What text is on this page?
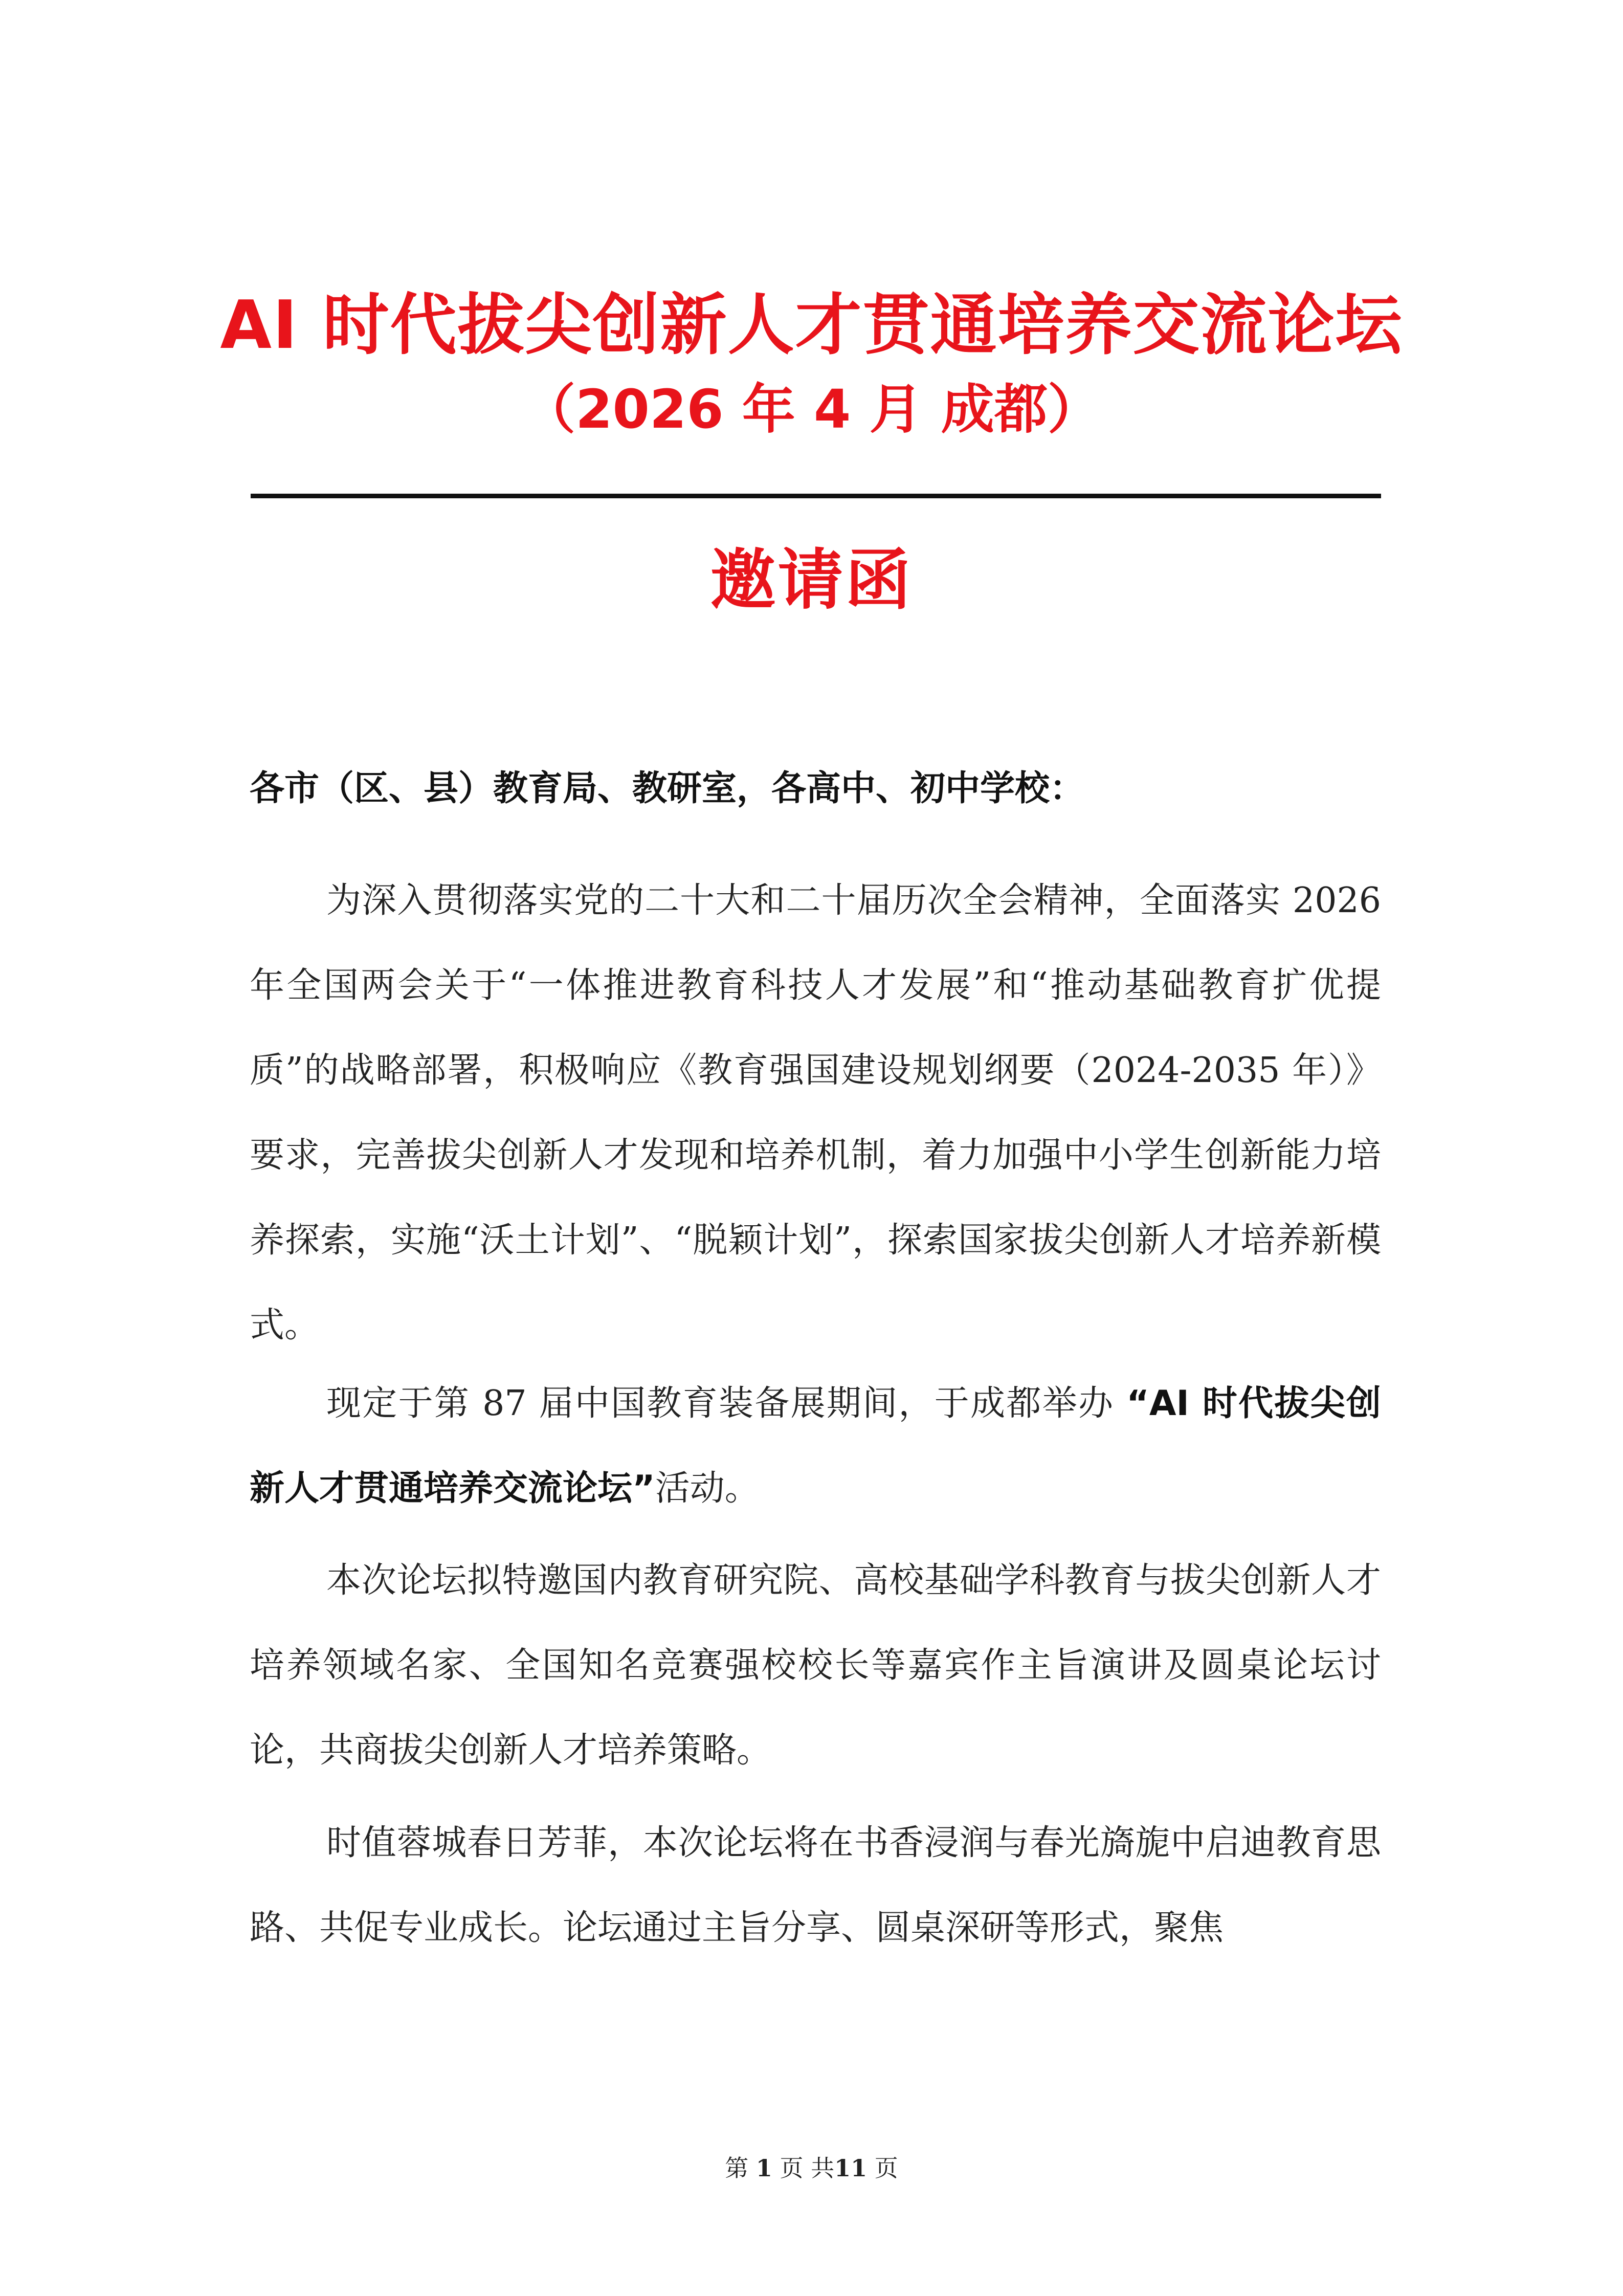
AI 时代拔尖创新人才贯通培养交流论坛
（2026 年 4 月 成都）
邀请函

各市（区、县）教育局、教研室，各高中、初中学校：

为深入贯彻落实党的二十大和二十届历次全会精神，全面落实 2026 年全国两会关于“一体推进教育科技人才发展”和“推动基础教育扩优提质”的战略部署，积极响应《教育强国建设规划纲要（2024-2035 年）》要求，完善拔尖创新人才发现和培养机制，着力加强中小学生创新能力培养探索，实施“沃土计划”、“脱颖计划”，探索国家拔尖创新人才培养新模式。

现定于第 87 届中国教育装备展期间，于成都举办 “AI 时代拔尖创新人才贯通培养交流论坛”活动。

本次论坛拟特邀国内教育研究院、高校基础学科教育与拔尖创新人才培养领域名家、全国知名竞赛强校校长等嘉宾作主旨演讲及圆桌论坛讨论，共商拔尖创新人才培养策略。

时值蓉城春日芳菲，本次论坛将在书香浸润与春光旖旎中启迪教育思路、共促专业成长。论坛通过主旨分享、圆桌深研等形式，聚焦

第 1 页 共11 页
